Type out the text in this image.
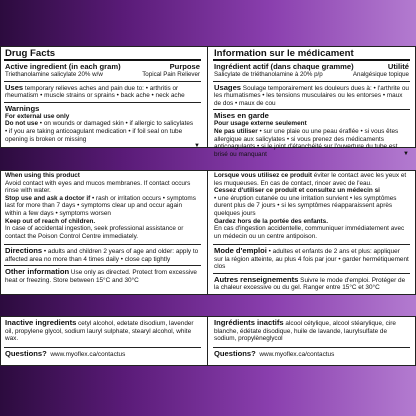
Drug Facts
Active ingredient (in each gram)	Purpose
Triethanolamine salicylate 20% w/w	Topical Pain Reliever

Uses temporary relieves aches and pain due to: • arthritis or rheumatism • muscle strains or sprains • back ache • neck ache

Warnings
For external use only

Do not use • on wounds or damaged skin • if allergic to salicylates

• if you are taking anticoagulant medication • if foil seal on tube opening is broken or missing

▼
Information sur le médicament
Ingrédient actif (dans chaque gramme)	Utilité
Salicylate de triéthanolamine à 20% p/p	Analgésique topique

Usages Soulage temporairement les douleurs dues à: • l'arthrite ou les rhumatismes • les tensions musculaires ou les entorses • maux de dos • maux de cou

Mises en garde
Pour usage externe seulement

Ne pas utiliser • sur une plaie ou une peau éraflée • si vous êtes allergique aux salicylates • si vous prenez des médicaments anticoagulants • si le joint d'étanchéité sur l'ouverture du tube est brisé ou manquant	▼
When using this product

Avoid contact with eyes and mucos membranes. If contact occurs rinse with water.

Stop use and ask a doctor if • rash or irritation occurs • symptoms last for more than 7 days • symptoms clear up and occur again within a few days • symptoms worsen

Keep out of reach of children.

In case of accidental ingestion, seek professional assistance or contact the Poison Control Centre immediately.

Directions • adults and children 2 years of age and older: apply to affected area no more than 4 times daily • close cap tightly

Other information Use only as directed. Protect from excessive heat or freezing. Store between 15°C and 30°C

Lorsque vous utilisez ce produit éviter le contact avec les yeux et les muqueuses. En cas de contact, rincer avec de l'eau.

Cessez d'utiliser ce produit et consultez un médecin si

• une éruption cutanée ou une irritation survient • les symptômes durent plus de 7 jours • si les symptômes réapparaissent après quelques jours

Gardez hors de la portée des enfants.

En cas d'ingestion accidentelle, communiquer immédiatement avec un médecin ou un centre antipoison.

Mode d'emploi • adultes et enfants de 2 ans et plus: appliquer sur la région atteinte, au plus 4 fois par jour • garder hermétiquement clos

Autres renseignements Suivre le mode d'emploi. Protéger de la chaleur excessive ou du gel. Ranger entre 15°C et 30°C

Inactive ingredients cetyl alcohol, edetate disodium, lavender oil, propylene glycol, sodium lauryl sulphate, stearyl alcohol, white wax.

Questions? www.myoflex.ca/contactus

Ingrédients inactifs alcool cétylique, alcool stéarylique, cire blanche, édétate disodique, huile de lavande, laurylsulfate de sodium, propylèneglycol

Questions? www.myoflex.ca/contactus
